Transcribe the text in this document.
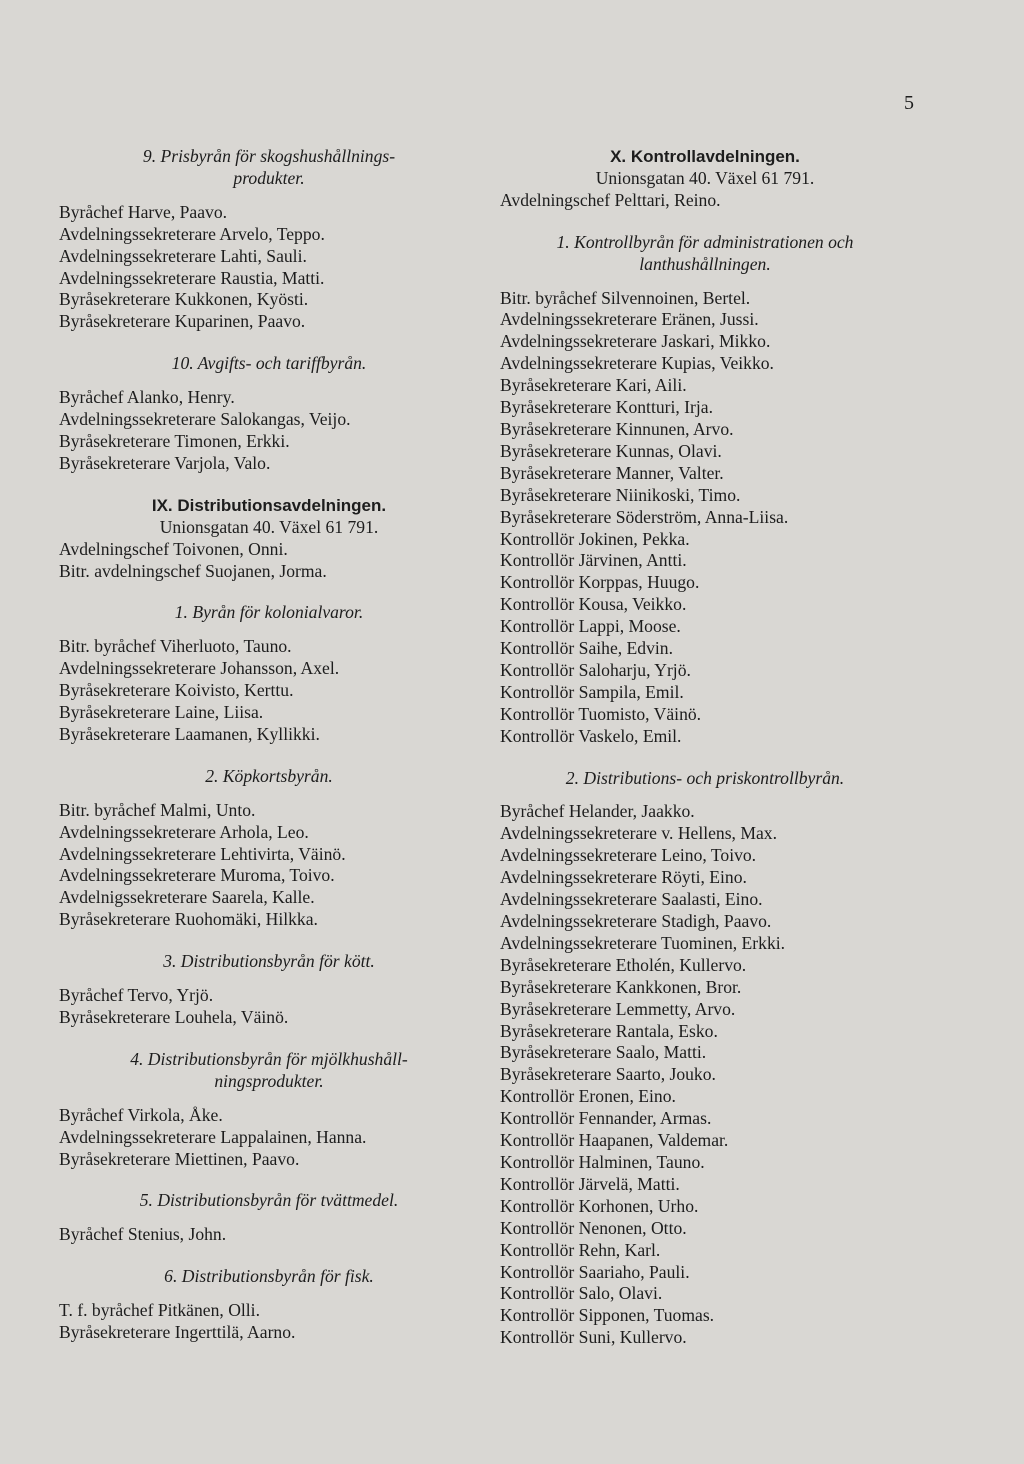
5
9. Prisbyrån för skogshushållnings-
produkter.
Byråchef Harve, Paavo.
Avdelningssekreterare Arvelo, Teppo.
Avdelningssekreterare Lahti, Sauli.
Avdelningssekreterare Raustia, Matti.
Byråsekreterare Kukkonen, Kyösti.
Byråsekreterare Kuparinen, Paavo.
10. Avgifts- och tariffbyrån.
Byråchef Alanko, Henry.
Avdelningssekreterare Salokangas, Veijo.
Byråsekreterare Timonen, Erkki.
Byråsekreterare Varjola, Valo.
IX. Distributionsavdelningen.
Unionsgatan 40. Växel 61 791.
Avdelningschef Toivonen, Onni.
Bitr. avdelningschef Suojanen, Jorma.
1. Byrån för kolonialvaror.
Bitr. byråchef Viherluoto, Tauno.
Avdelningssekreterare Johansson, Axel.
Byråsekreterare Koivisto, Kerttu.
Byråsekreterare Laine, Liisa.
Byråsekreterare Laamanen, Kyllikki.
2. Köpkortsbyrån.
Bitr. byråchef Malmi, Unto.
Avdelningssekreterare Arhola, Leo.
Avdelningssekreterare Lehtivirta, Väinö.
Avdelningssekreterare Muroma, Toivo.
Avdelnigssekreterare Saarela, Kalle.
Byråsekreterare Ruohomäki, Hilkka.
3. Distributionsbyrån för kött.
Byråchef Tervo, Yrjö.
Byråsekreterare Louhela, Väinö.
4. Distributionsbyrån för mjölkhushåll-
ningsprodukter.
Byråchef Virkola, Åke.
Avdelningssekreterare Lappalainen, Hanna.
Byråsekreterare Miettinen, Paavo.
5. Distributionsbyrån för tvättmedel.
Byråchef Stenius, John.
6. Distributionsbyrån för fisk.
T. f. byråchef Pitkänen, Olli.
Byråsekreterare Ingerttilä, Aarno.
X. Kontrollavdelningen.
Unionsgatan 40. Växel 61 791.
Avdelningschef Pelttari, Reino.
1. Kontrollbyrån för administrationen och
lanthushållningen.
Bitr. byråchef Silvennoinen, Bertel.
Avdelningssekreterare Eränen, Jussi.
Avdelningssekreterare Jaskari, Mikko.
Avdelningssekreterare Kupias, Veikko.
Byråsekreterare Kari, Aili.
Byråsekreterare Kontturi, Irja.
Byråsekreterare Kinnunen, Arvo.
Byråsekreterare Kunnas, Olavi.
Byråsekreterare Manner, Valter.
Byråsekreterare Niinikoski, Timo.
Byråsekreterare Söderström, Anna-Liisa.
Kontrollör Jokinen, Pekka.
Kontrollör Järvinen, Antti.
Kontrollör Korppas, Huugo.
Kontrollör Kousa, Veikko.
Kontrollör Lappi, Moose.
Kontrollör Saihe, Edvin.
Kontrollör Saloharju, Yrjö.
Kontrollör Sampila, Emil.
Kontrollör Tuomisto, Väinö.
Kontrollör Vaskelo, Emil.
2. Distributions- och priskontrollbyrån.
Byråchef Helander, Jaakko.
Avdelningssekreterare v. Hellens, Max.
Avdelningssekreterare Leino, Toivo.
Avdelningssekreterare Röyti, Eino.
Avdelningssekreterare Saalasti, Eino.
Avdelningssekreterare Stadigh, Paavo.
Avdelningssekreterare Tuominen, Erkki.
Byråsekreterare Etholén, Kullervo.
Byråsekreterare Kankkonen, Bror.
Byråsekreterare Lemmetty, Arvo.
Byråsekreterare Rantala, Esko.
Byråsekreterare Saalo, Matti.
Byråsekreterare Saarto, Jouko.
Kontrollör Eronen, Eino.
Kontrollör Fennander, Armas.
Kontrollör Haapanen, Valdemar.
Kontrollör Halminen, Tauno.
Kontrollör Järvelä, Matti.
Kontrollör Korhonen, Urho.
Kontrollör Nenonen, Otto.
Kontrollör Rehn, Karl.
Kontrollör Saariaho, Pauli.
Kontrollör Salo, Olavi.
Kontrollör Sipponen, Tuomas.
Kontrollör Suni, Kullervo.
